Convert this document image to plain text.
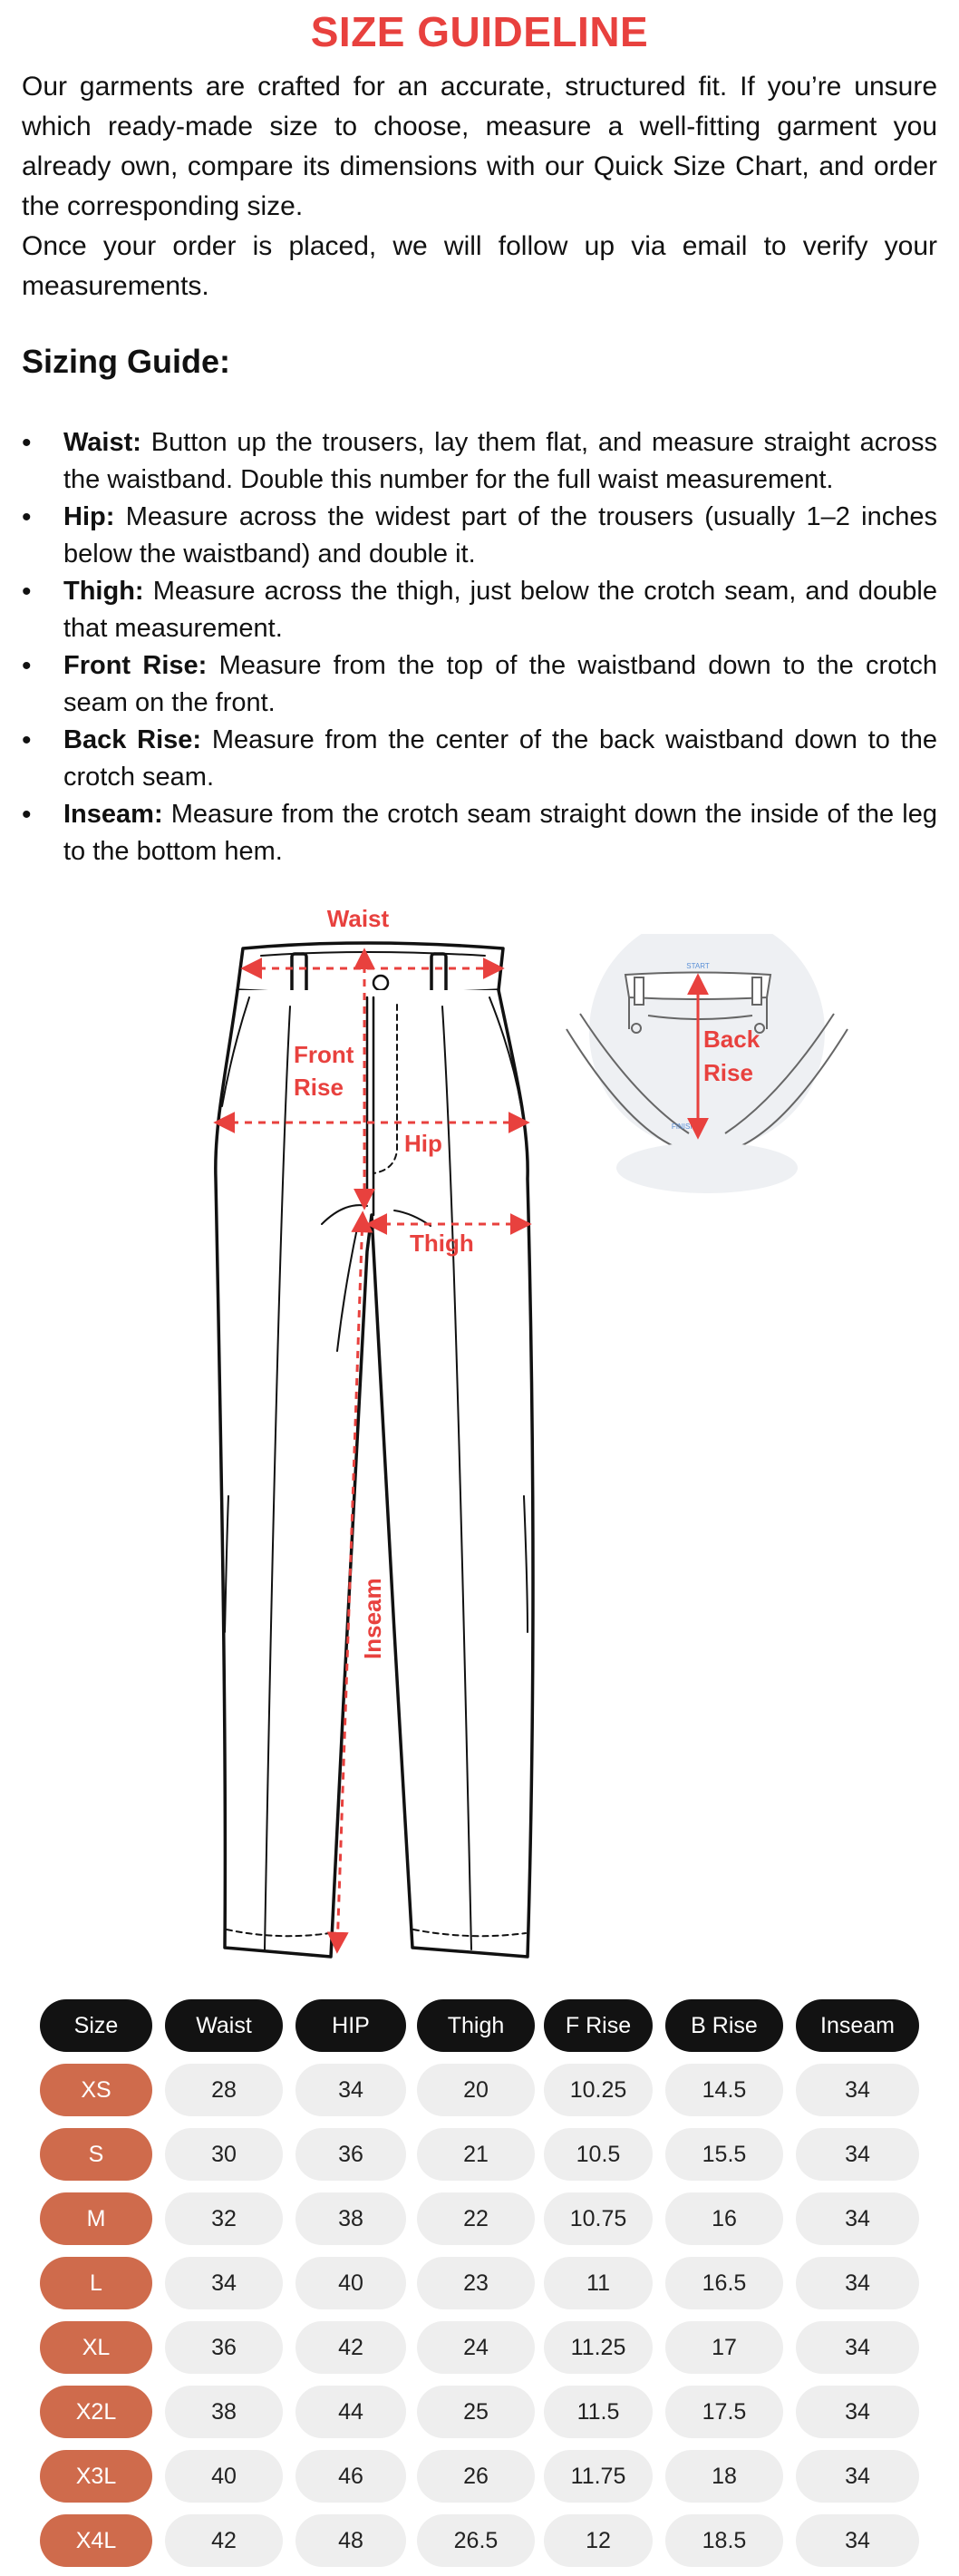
SIZE GUIDELINE

Our garments are crafted for an accurate, structured fit. If you’re unsure which ready-made size to choose, measure a well-fitting garment you already own, compare its dimensions with our Quick Size Chart, and order the corresponding size.

Once your order is placed, we will follow up via email to verify your measurements.

Sizing Guide:
•	Waist: Button up the trousers, lay them flat, and measure straight across the waistband. Double this number for the full waist measurement.
•	Hip: Measure across the widest part of the trousers (usually 1–2 inches below the waistband) and double it.
•	Thigh: Measure across the thigh, just below the crotch seam, and double that measurement.
•	Front Rise: Measure from the top of the waistband down to the crotch seam on the front.
•	Back Rise: Measure from the center of the back waistband down to the crotch seam.
•	Inseam: Measure from the crotch seam straight down the inside of the leg to the bottom hem.
Waist
Front
Rise
Hip
Thigh
Inseam
START
FINISH
Back
Rise
Size	Waist	HIP	Thigh	F Rise	B Rise	Inseam
XS	28	34	20	10.25	14.5	34
S	30	36	21	10.5	15.5	34
M	32	38	22	10.75	16	34
L	34	40	23	11	16.5	34
XL	36	42	24	11.25	17	34
X2L	38	44	25	11.5	17.5	34
X3L	40	46	26	11.75	18	34
X4L	42	48	26.5	12	18.5	34
